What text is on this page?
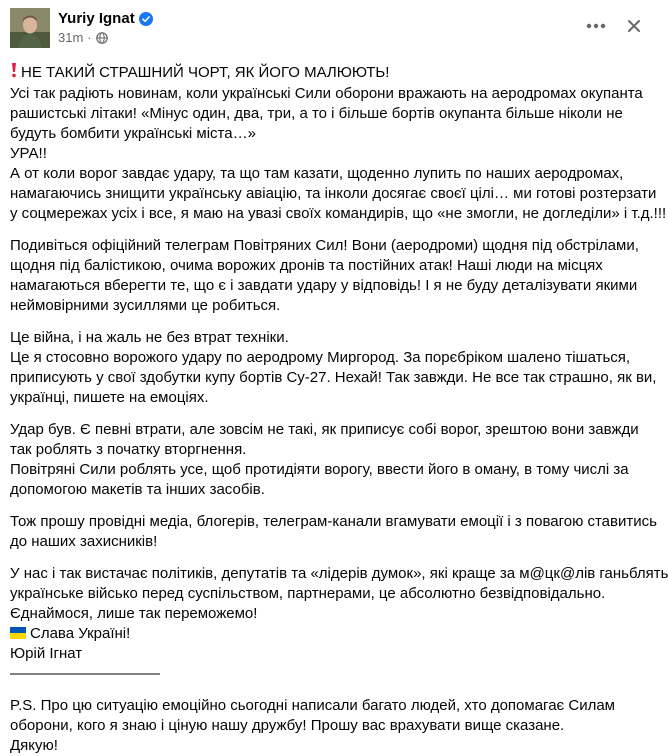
Yuriy Ignat
31m ·
НЕ ТАКИЙ СТРАШНИЙ ЧОРТ, ЯК ЙОГО МАЛЮЮТЬ!
Усі так радіють новинам, коли українські Сили оборони вражають на аеродромах окупанта
рашистські літаки! «Мінус один, два, три, а то і більше бортів окупанта більше ніколи не
будуть бомбити українські міста…»
УРА!!
А от коли ворог завдає удару, та що там казати, щоденно лупить по наших аеродромах,
намагаючись знищити українську авіацію, та інколи досягає своєї цілі… ми готові розтерзати
у соцмережах усіх і все, я маю на увазі своїх командирів, що «не змогли, не догледіли» і т.д.!!!
Подивіться офіційний телеграм Повітряних Сил! Вони (аеродроми) щодня під обстрілами,
щодня під балістикою, очима ворожих дронів та постійних атак! Наші люди на місцях
намагаються вберегти те, що є і завдати удару у відповідь! І я не буду деталізувати якими
неймовірними зусиллями це робиться.
Це війна, і на жаль не без втрат техніки.
Це я стосовно ворожого удару по аеродрому Миргород. За порєбріком шалено тішаться,
приписують у свої здобутки купу бортів Су-27. Нехай! Так завжди. Не все так страшно, як ви,
українці, пишете на емоціях.
Удар був. Є певні втрати, але зовсім не такі, як приписує собі ворог, зрештою вони завжди
так роблять з початку вторгнення.
Повітряні Сили роблять усе, щоб протидіяти ворогу, ввести його в оману, в тому числі за
допомогою макетів та інших засобів.
Тож прошу провідні медіа, блогерів, телеграм-канали вгамувати емоції і з повагою ставитись
до наших захисників!
У нас і так вистачає політиків, депутатів та «лідерів думок», які краще за м@цк@лів ганьблять
українське військо перед суспільством, партнерами, це абсолютно безвідповідально.
Єднаймося, лише так переможемо!
Слава Україні!
Юрій Ігнат
——————————
P.S. Про цю ситуацію емоційно сьогодні написали багато людей, хто допомагає Силам
оборони, кого я знаю і ціную нашу дружбу! Прошу вас врахувати вище сказане.
Дякую!
